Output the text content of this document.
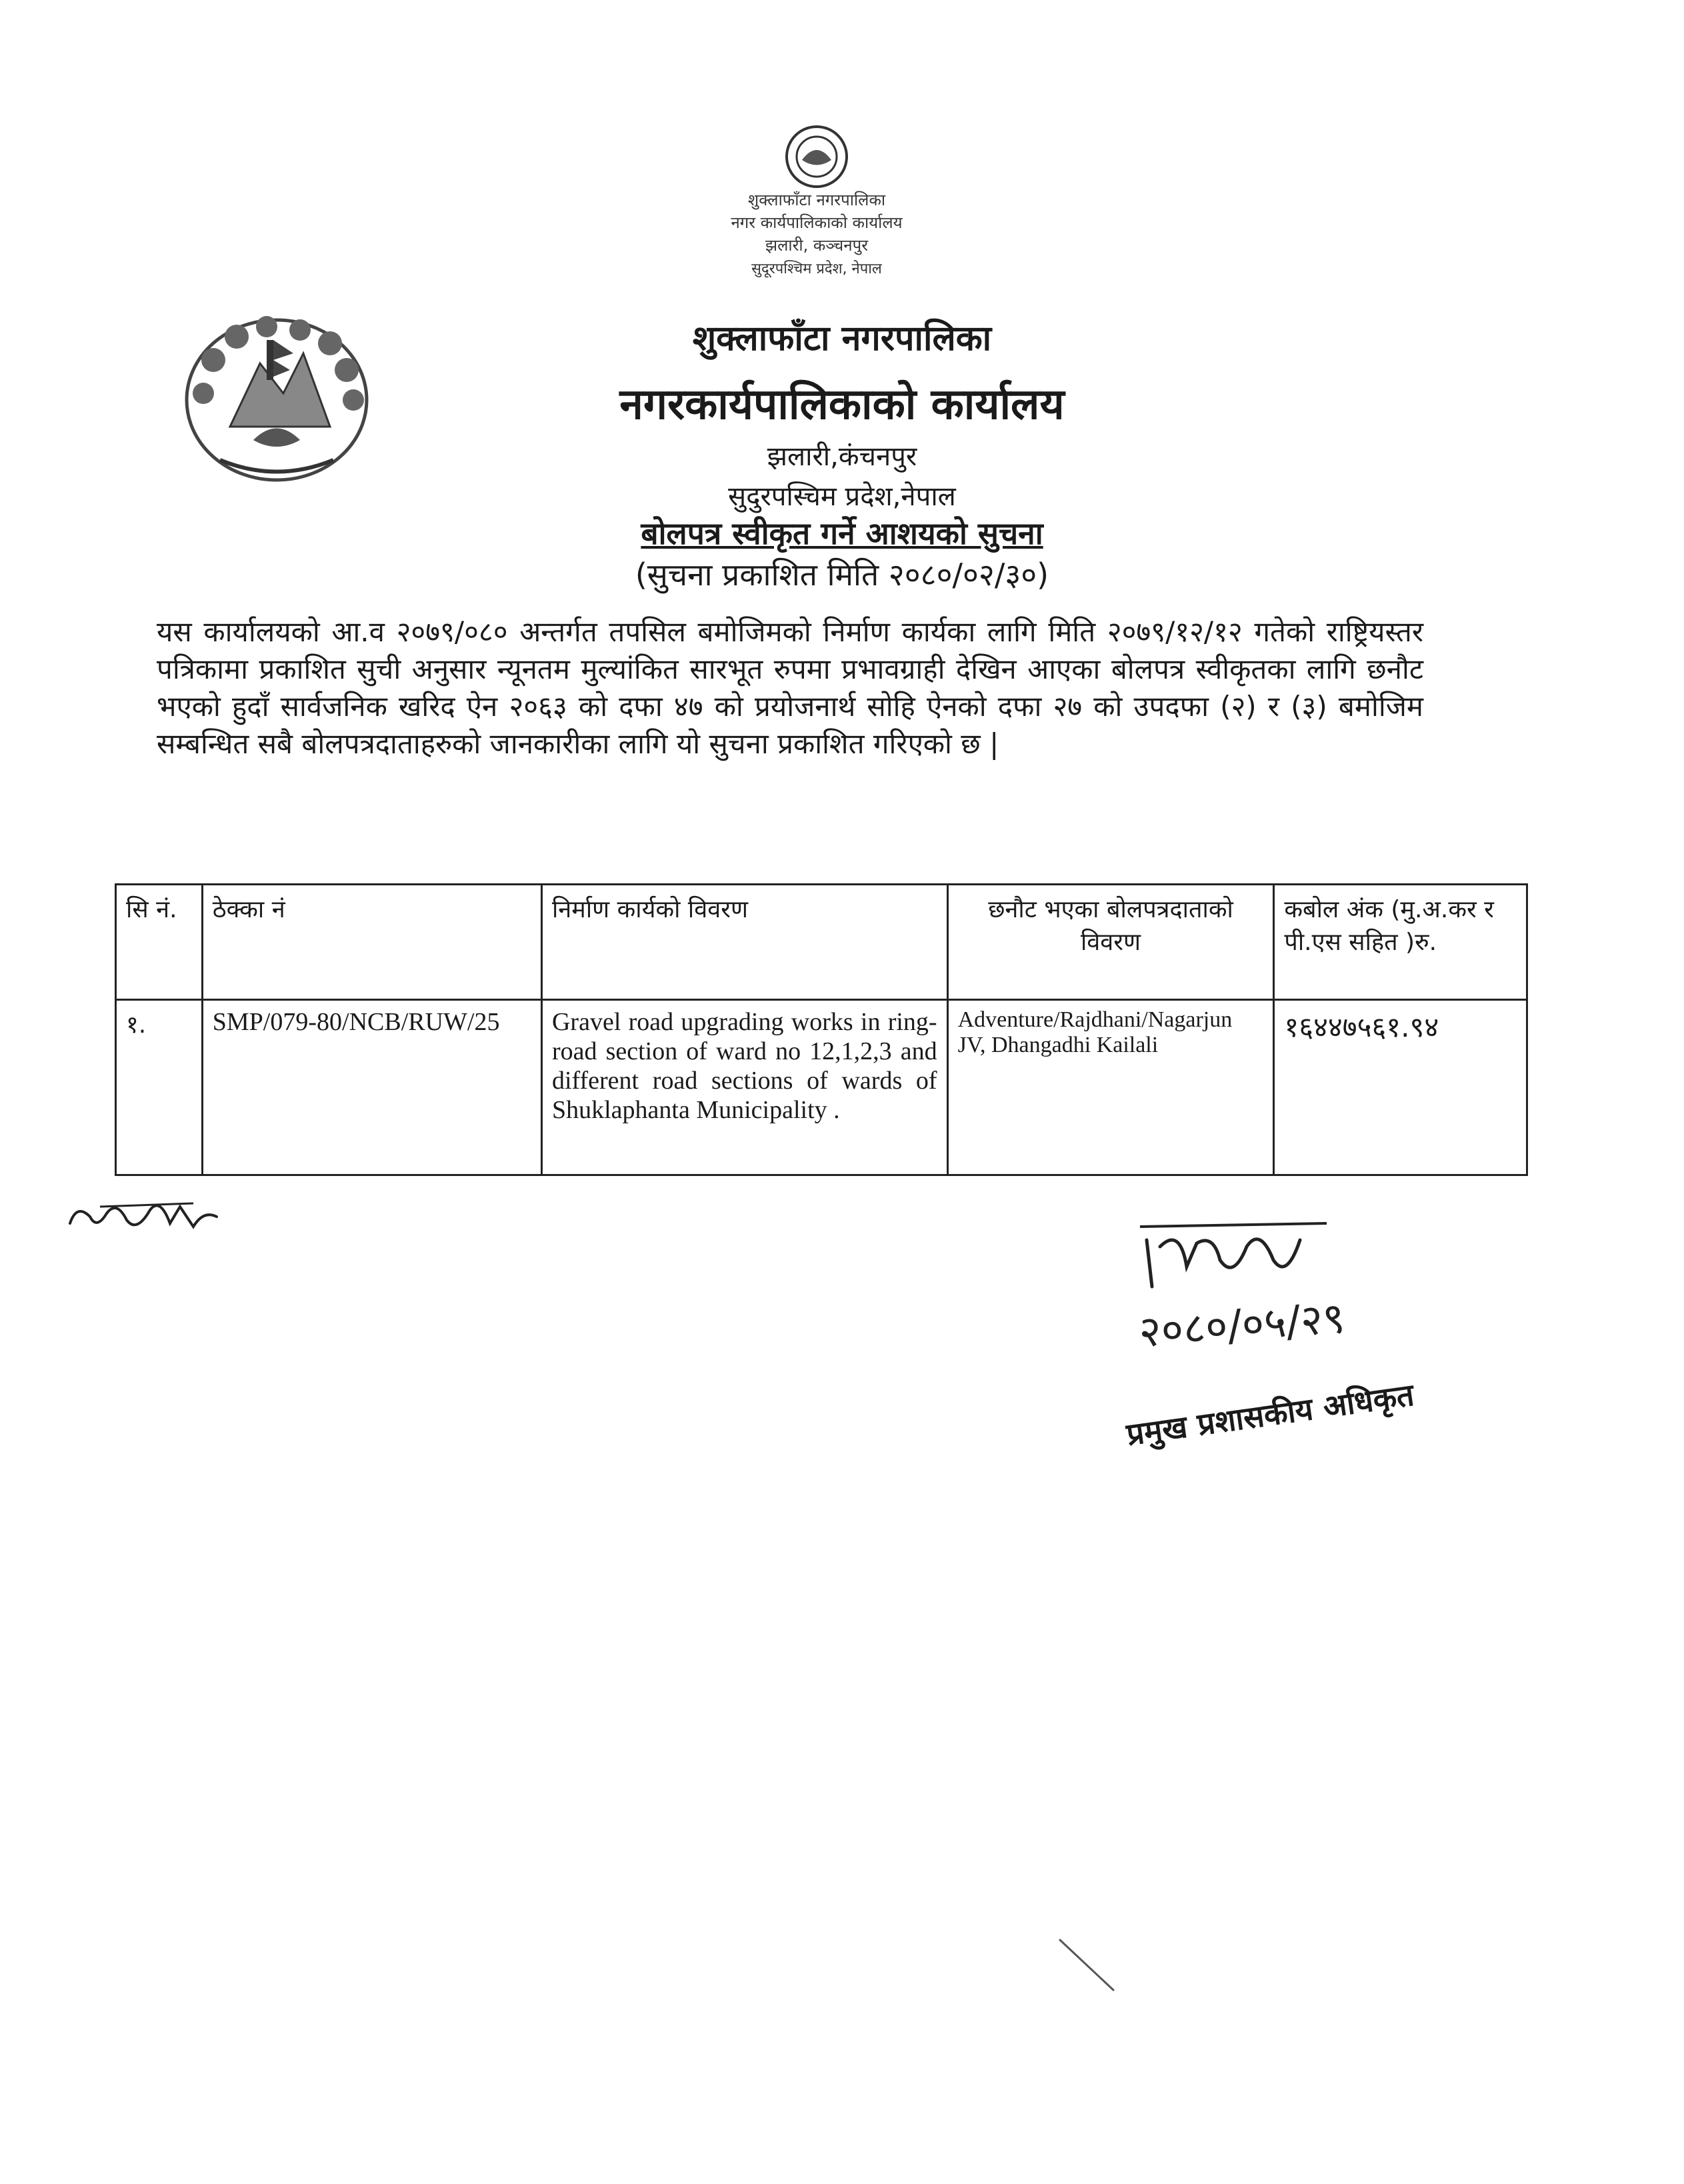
शुक्लाफाँटा नगरपालिका
नगर कार्यपालिकाको कार्यालय
झलारी, कञ्चनपुर
सुदूरपश्चिम प्रदेश, नेपाल
शुक्लाफाँटा नगरपालिका
नगरकार्यपालिकाको कार्यालय
झलारी,कंचनपुर
सुदुरपस्चिम प्रदेश,नेपाल
बोलपत्र स्वीकृत गर्ने आशयको सुचना
(सुचना प्रकाशित मिति २०८०/०२/३०)
यस कार्यालयको आ.व २०७९/०८० अन्तर्गत तपसिल बमोजिमको निर्माण कार्यका लागि मिति २०७९/१२/१२ गतेको राष्ट्रियस्तर पत्रिकामा प्रकाशित सुची अनुसार न्यूनतम मुल्यांकित सारभूत रुपमा प्रभावग्राही देखिन आएका बोलपत्र स्वीकृतका लागि छनौट भएको हुदाँ सार्वजनिक खरिद ऐन २०६३ को दफा ४७ को प्रयोजनार्थ सोहि ऐनको दफा २७ को उपदफा (२) र (३) बमोजिम सम्बन्धित सबै बोलपत्रदाताहरुको जानकारीका लागि यो सुचना प्रकाशित गरिएको छ |
सि नं.	ठेक्का नं	निर्माण कार्यको विवरण	छनौट भएका बोलपत्रदाताको विवरण	कबोल अंक (मु.अ.कर र पी.एस सहित )रु.
१.	SMP/079-80/NCB/RUW/25	Gravel road upgrading works in ring-road section of ward no 12,1,2,3 and different road sections of wards of Shuklaphanta Municipality .	Adventure/Rajdhani/Nagarjun JV, Dhangadhi Kailali	१६४४७५६१.९४
२०८०/०५/२९
प्रमुख प्रशासकीय अधिकृत
